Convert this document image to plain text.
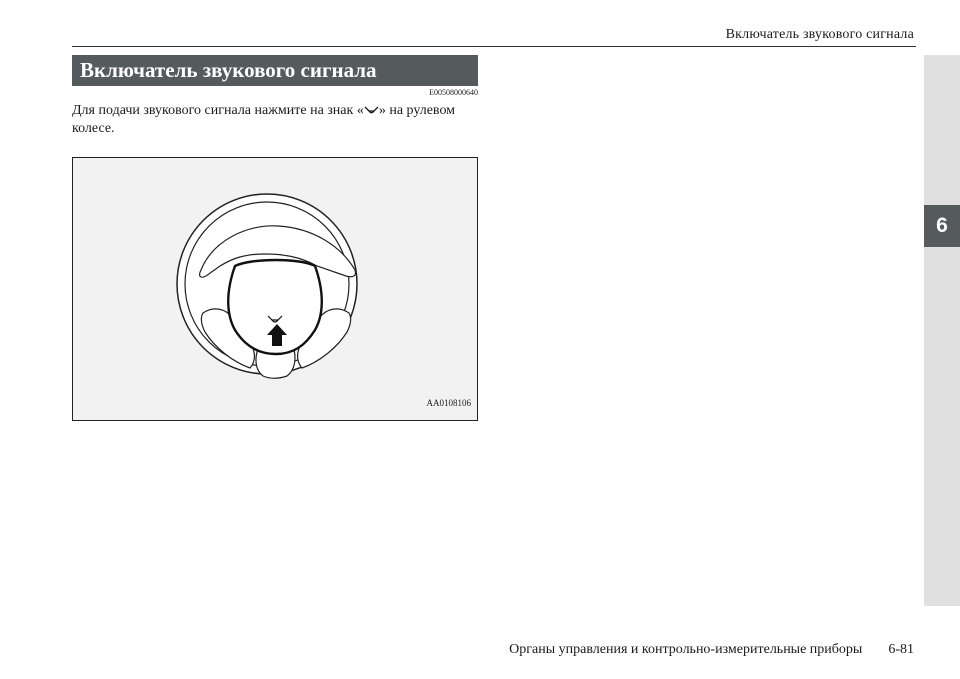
Включатель звукового сигнала
6
Включатель звукового сигнала
E00508000640
Для подачи звукового сигнала нажмите на знак « » на рулевом колесе.
AA0108106
Органы управления и контрольно-измерительные приборы 6-81
